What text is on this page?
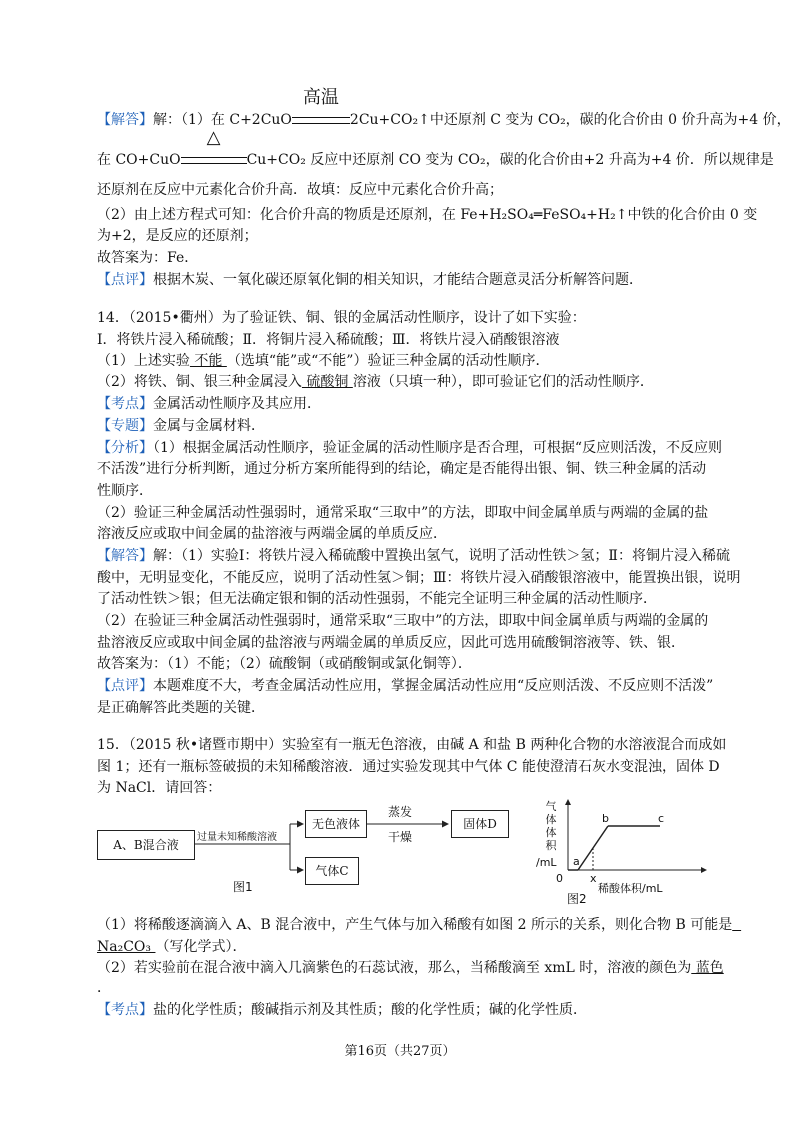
【解答】解：（1）在 C+2CuO
高温
2Cu+CO₂↑中还原剂 C 变为 CO₂，碳的化合价由 0 价升高为+4 价，
在 CO+CuO
△
Cu+CO₂ 反应中还原剂 CO 变为 CO₂，碳的化合价由+2 升高为+4 价．所以规律是
还原剂在反应中元素化合价升高．故填：反应中元素化合价升高；
（2）由上述方程式可知：化合价升高的物质是还原剂，在 Fe+H₂SO₄═FeSO₄+H₂↑中铁的化合价由 0 变
为+2，是反应的还原剂；
故答案为：Fe．
【点评】根据木炭、一氧化碳还原氧化铜的相关知识，才能结合题意灵活分析解答问题．
14．（2015•衢州）为了验证铁、铜、银的金属活动性顺序，设计了如下实验：
Ⅰ．将铁片浸入稀硫酸；Ⅱ．将铜片浸入稀硫酸；Ⅲ．将铁片浸入硝酸银溶液
（1）上述实验 不能 （选填“能”或“不能”）验证三种金属的活动性顺序．
（2）将铁、铜、银三种金属浸入 硫酸铜 溶液（只填一种），即可验证它们的活动性顺序．
【考点】金属活动性顺序及其应用．
【专题】金属与金属材料．
【分析】（1）根据金属活动性顺序，验证金属的活动性顺序是否合理，可根据“反应则活泼，不反应则
不活泼”进行分析判断，通过分析方案所能得到的结论，确定是否能得出银、铜、铁三种金属的活动
性顺序．
（2）验证三种金属活动性强弱时，通常采取“三取中”的方法，即取中间金属单质与两端的金属的盐
溶液反应或取中间金属的盐溶液与两端金属的单质反应．
【解答】解：（1）实验Ⅰ：将铁片浸入稀硫酸中置换出氢气，说明了活动性铁＞氢；Ⅱ：将铜片浸入稀硫
酸中，无明显变化，不能反应，说明了活动性氢＞铜；Ⅲ：将铁片浸入硝酸银溶液中，能置换出银，说明
了活动性铁＞银；但无法确定银和铜的活动性强弱，不能完全证明三种金属的活动性顺序．
（2）在验证三种金属活动性强弱时，通常采取“三取中”的方法，即取中间金属单质与两端的金属的
盐溶液反应或取中间金属的盐溶液与两端金属的单质反应，因此可选用硫酸铜溶液等、铁、银．
故答案为：（1）不能；（2）硫酸铜（或硝酸铜或氯化铜等）．
【点评】本题难度不大，考查金属活动性应用，掌握金属活动性应用“反应则活泼、不反应则不活泼”
是正确解答此类题的关键．
15．（2015 秋•诸暨市期中）实验室有一瓶无色溶液，由碱 A 和盐 B 两种化合物的水溶液混合而成如
图 1；还有一瓶标签破损的未知稀酸溶液．通过实验发现其中气体 C 能使澄清石灰水变混浊，固体 D
为 NaCl．请回答：
A、B混合液
过量未知稀酸溶液
无色液体
气体C
蒸发
干燥
固体D
图1
气
体
体
积
/mL
0 x
稀酸体积/mL
a
b	c
图2
（1）将稀酸逐滴滴入 A、B 混合液中，产生气体与加入稀酸有如图 2 所示的关系，则化合物 B 可能是
Na₂CO₃ （写化学式）．
（2）若实验前在混合液中滴入几滴紫色的石蕊试液，那么，当稀酸滴至 xmL 时，溶液的颜色为 蓝色
．
【考点】盐的化学性质；酸碱指示剂及其性质；酸的化学性质；碱的化学性质．
第16页（共27页）
